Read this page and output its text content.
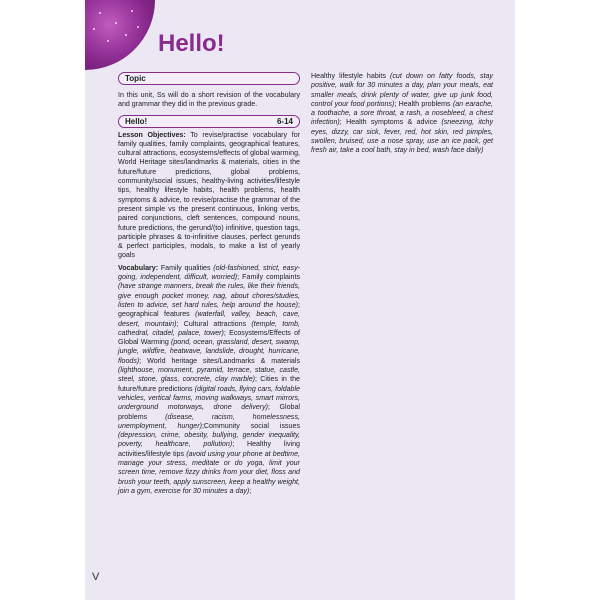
Hello!
Topic
In this unit, Ss will do a short revision of the vocabulary and grammar they did in the previous grade.
Hello!	6-14
Lesson Objectives: To revise/practise vocabulary for family qualities, family complaints, geographical features, cultural attractions, ecosystems/effects of global warming, World Heritage sites/landmarks & materials, cities in the future/future predictions, global problems, community/social issues, healthy-living activities/lifestyle tips, healthy lifestyle habits, health problems, health symptoms & advice, to revise/practise the grammar of the present simple vs the present continuous, linking verbs, paired conjunctions, cleft sentences, compound nouns, future predictions, the gerund/(to) infinitive, question tags, participle phrases & to-infinitive clauses, perfect gerunds & perfect participles, modals, to make a list of yearly goals
Vocabulary: Family qualities (old-fashioned, strict, easy-going, independent, difficult, worried); Family complaints (have strange manners, break the rules, like their friends, give enough pocket money, nag, about chores/studies, listen to advice, set hard rules, help around the house); geographical features (waterfall, valley, beach, cave, desert, mountain); Cultural attractions (temple, tomb, cathedral, citadel, palace, tower); Ecosystems/Effects of Global Warming (pond, ocean, grassland, desert, swamp, jungle, wildfire, heatwave, landslide, drought, hurricane, floods); World heritage sites/Landmarks & materials (lighthouse, monument, pyramid, terrace, statue, castle, steel, stone, glass, concrete, clay marble); Cities in the future/future predictions (digital roads, flying cars, foldable vehicles, vertical farms, moving walkways, smart mirrors, underground motorways, drone delivery); Global problems (disease, racism, homelessness, unemployment, hunger);Community social issues (depression, crime, obesity, bullying, gender inequality, poverty, healthcare, pollution); Healthy living activities/lifestyle tips (avoid using your phone at bedtime, manage your stress, meditate or do yoga, limit your screen time, remove fizzy drinks from your diet, floss and brush your teeth, apply sunscreen, keep a healthy weight, join a gym, exercise for 30 minutes a day);
Healthy lifestyle habits (cut down on fatty foods, stay positive, walk for 30 minutes a day, plan your meals, eat smaller meals, drink plenty of water, give up junk food, control your food portions); Health problems (an earache, a toothache, a sore throat, a rash, a nosebleed, a chest infection); Health symptoms & advice (sneezing, itchy eyes, dizzy, car sick, fever, red, hot skin, red pimples, swollen, bruised, use a nose spray, use an ice pack, get fresh air, take a cool bath, stay in bed, wash face daily)
V
